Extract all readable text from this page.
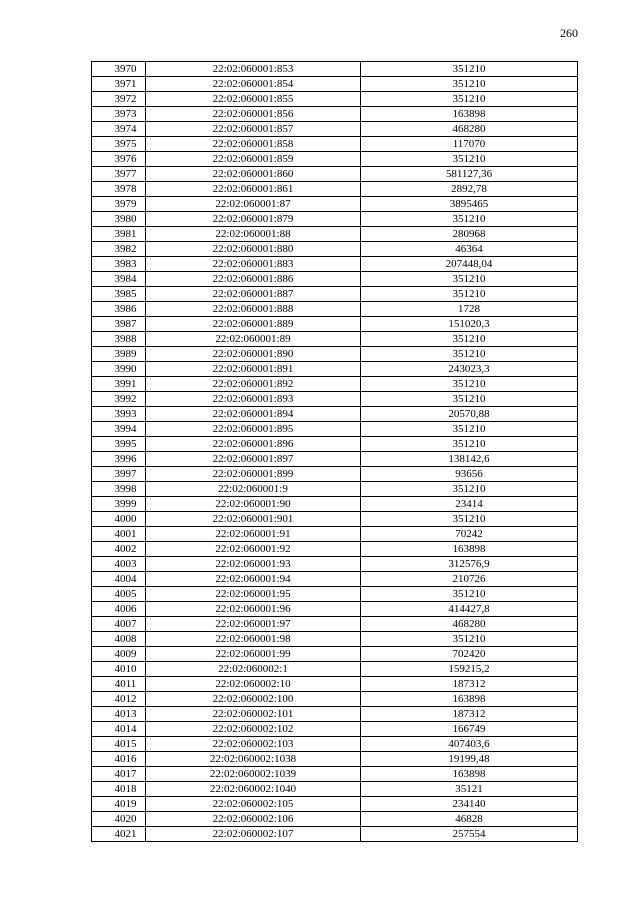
260
3970	22:02:060001:853	351210
3971	22:02:060001:854	351210
3972	22:02:060001:855	351210
3973	22:02:060001:856	163898
3974	22:02:060001:857	468280
3975	22:02:060001:858	117070
3976	22:02:060001:859	351210
3977	22:02:060001:860	581127,36
3978	22:02:060001:861	2892,78
3979	22:02:060001:87	3895465
3980	22:02:060001:879	351210
3981	22:02:060001:88	280968
3982	22:02:060001:880	46364
3983	22:02:060001:883	207448,04
3984	22:02:060001:886	351210
3985	22:02:060001:887	351210
3986	22:02:060001:888	1728
3987	22:02:060001:889	151020,3
3988	22:02:060001:89	351210
3989	22:02:060001:890	351210
3990	22:02:060001:891	243023,3
3991	22:02:060001:892	351210
3992	22:02:060001:893	351210
3993	22:02:060001:894	20570,88
3994	22:02:060001:895	351210
3995	22:02:060001:896	351210
3996	22:02:060001:897	138142,6
3997	22:02:060001:899	93656
3998	22:02:060001:9	351210
3999	22:02:060001:90	23414
4000	22:02:060001:901	351210
4001	22:02:060001:91	70242
4002	22:02:060001:92	163898
4003	22:02:060001:93	312576,9
4004	22:02:060001:94	210726
4005	22:02:060001:95	351210
4006	22:02:060001:96	414427,8
4007	22:02:060001:97	468280
4008	22:02:060001:98	351210
4009	22:02:060001:99	702420
4010	22:02:060002:1	159215,2
4011	22:02:060002:10	187312
4012	22:02:060002:100	163898
4013	22:02:060002:101	187312
4014	22:02:060002:102	166749
4015	22:02:060002:103	407403,6
4016	22:02:060002:1038	19199,48
4017	22:02:060002:1039	163898
4018	22:02:060002:1040	35121
4019	22:02:060002:105	234140
4020	22:02:060002:106	46828
4021	22:02:060002:107	257554
